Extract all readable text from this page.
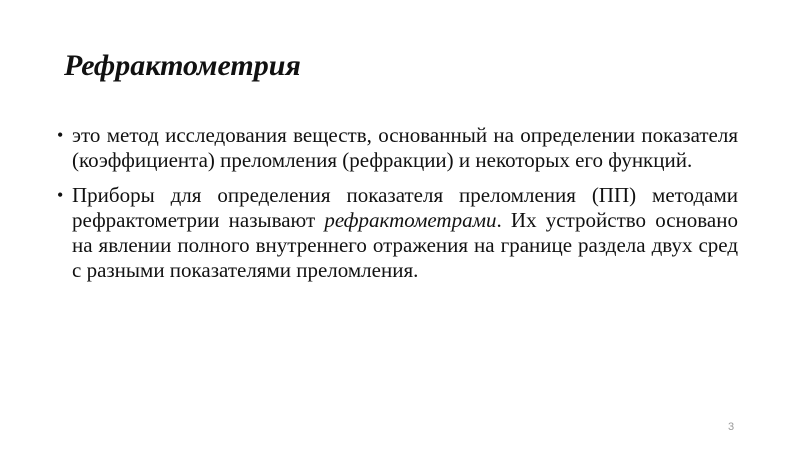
Рефрактометрия
• это метод исследования веществ, основанный на определении показателя (коэффициента) преломления (рефракции) и некоторых его функций.
• Приборы для определения показателя преломления (ПП) методами рефрактометрии называют рефрактометрами. Их устройство основано на явлении полного внутреннего отражения на границе раздела двух сред с разными показателями преломления.
3
